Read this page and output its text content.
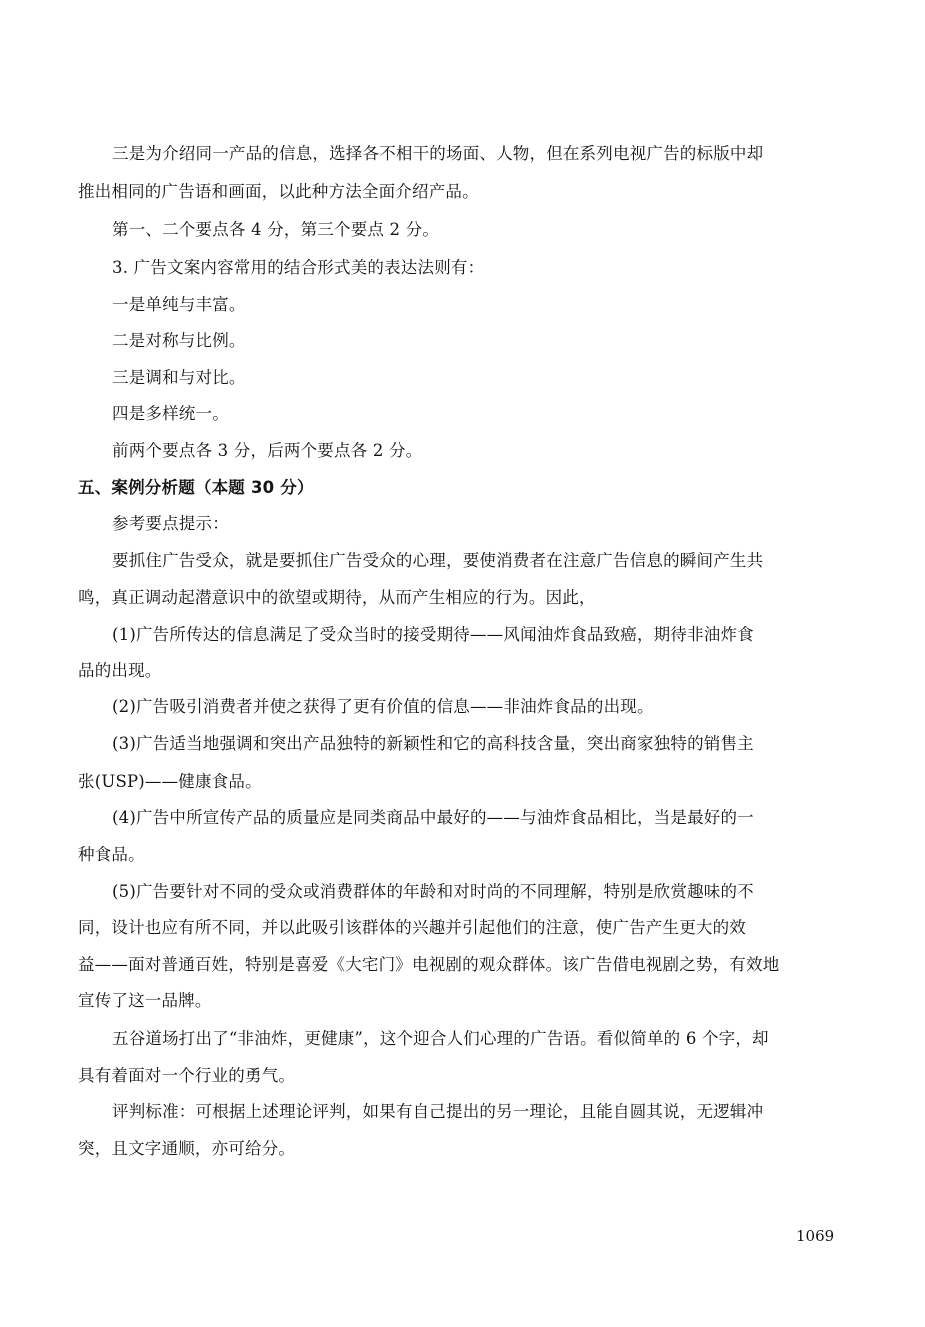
三是为介绍同一产品的信息，选择各不相干的场面、人物，但在系列电视广告的标版中却

推出相同的广告语和画面，以此种方法全面介绍产品。

第一、二个要点各 4 分，第三个要点 2 分。

3. 广告文案内容常用的结合形式美的表达法则有：

一是单纯与丰富。

二是对称与比例。

三是调和与对比。

四是多样统一。

前两个要点各 3 分，后两个要点各 2 分。

五、案例分析题（本题 30 分）

参考要点提示：

要抓住广告受众，就是要抓住广告受众的心理，要使消费者在注意广告信息的瞬间产生共

鸣，真正调动起潜意识中的欲望或期待，从而产生相应的行为。因此，

(1)广告所传达的信息满足了受众当时的接受期待——风闻油炸食品致癌，期待非油炸食

品的出现。

(2)广告吸引消费者并使之获得了更有价值的信息——非油炸食品的出现。

(3)广告适当地强调和突出产品独特的新颖性和它的高科技含量，突出商家独特的销售主

张(USP)——健康食品。

(4)广告中所宣传产品的质量应是同类商品中最好的——与油炸食品相比，当是最好的一

种食品。

(5)广告要针对不同的受众或消费群体的年龄和对时尚的不同理解，特别是欣赏趣味的不

同，设计也应有所不同，并以此吸引该群体的兴趣并引起他们的注意，使广告产生更大的效

益——面对普通百姓，特别是喜爱《大宅门》电视剧的观众群体。该广告借电视剧之势，有效地

宣传了这一品牌。

五谷道场打出了“非油炸，更健康”，这个迎合人们心理的广告语。看似简单的 6 个字，却

具有着面对一个行业的勇气。

评判标准：可根据上述理论评判，如果有自己提出的另一理论，且能自圆其说，无逻辑冲

突，且文字通顺，亦可给分。

1069
